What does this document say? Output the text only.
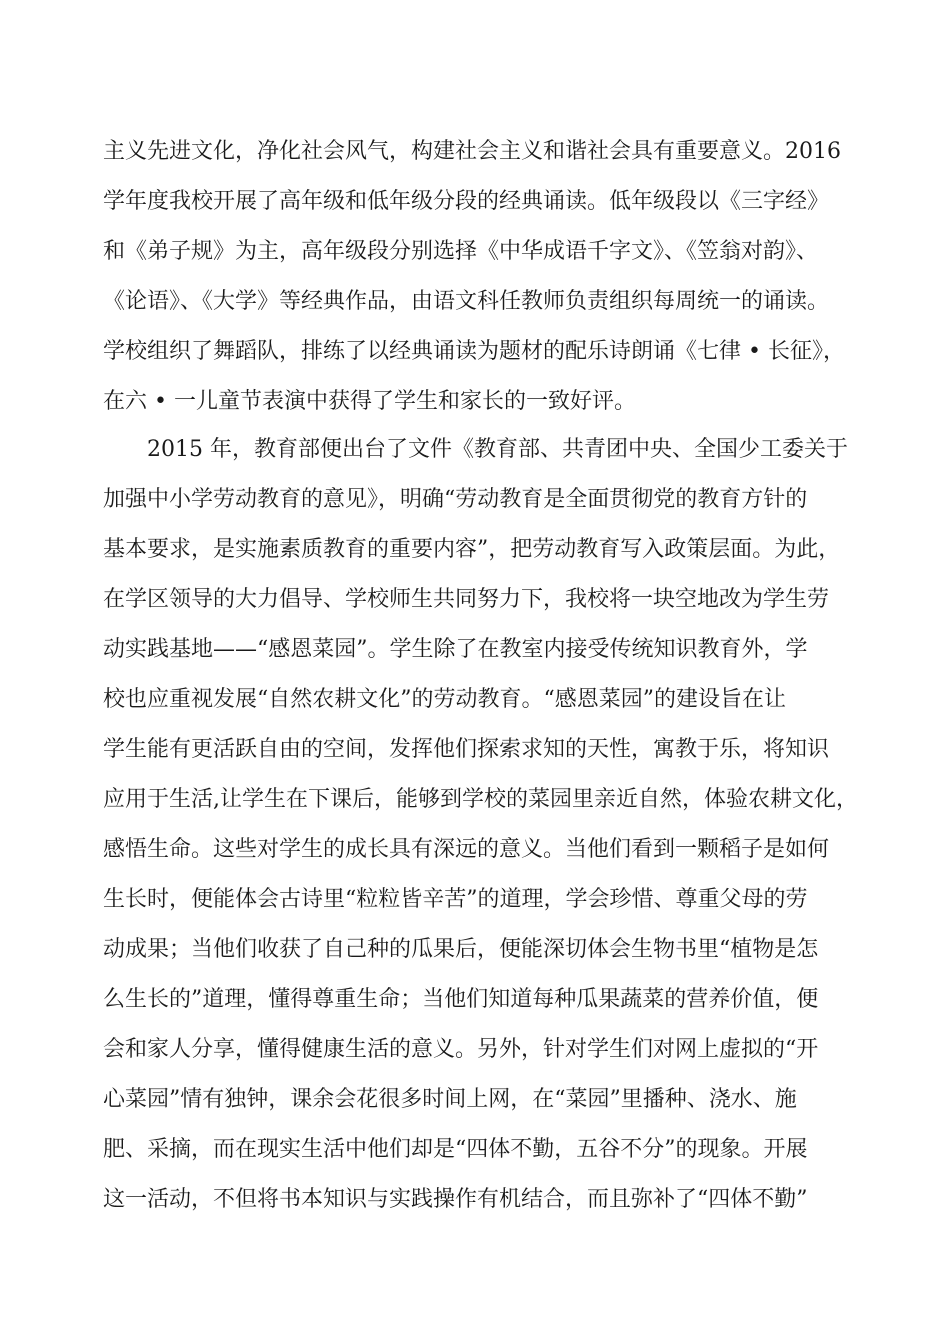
主义先进文化，净化社会风气，构建社会主义和谐社会具有重要意义。2016
学年度我校开展了高年级和低年级分段的经典诵读。低年级段以《三字经》
和《弟子规》为主，高年级段分别选择《中华成语千字文》、《笠翁对韵》、
《论语》、《大学》等经典作品，由语文科任教师负责组织每周统一的诵读。
学校组织了舞蹈队，排练了以经典诵读为题材的配乐诗朗诵《七律 • 长征》，
在六 • 一儿童节表演中获得了学生和家长的一致好评。
2015 年，教育部便出台了文件《教育部、共青团中央、全国少工委关于
加强中小学劳动教育的意见》，明确“劳动教育是全面贯彻党的教育方针的
基本要求，是实施素质教育的重要内容”，把劳动教育写入政策层面。为此，
在学区领导的大力倡导、学校师生共同努力下，我校将一块空地改为学生劳
动实践基地——“感恩菜园”。学生除了在教室内接受传统知识教育外，学
校也应重视发展“自然农耕文化”的劳动教育。“感恩菜园”的建设旨在让
学生能有更活跃自由的空间，发挥他们探索求知的天性，寓教于乐，将知识
应用于生活,让学生在下课后，能够到学校的菜园里亲近自然，体验农耕文化，
感悟生命。这些对学生的成长具有深远的意义。当他们看到一颗稻子是如何
生长时，便能体会古诗里“粒粒皆辛苦”的道理，学会珍惜、尊重父母的劳
动成果；当他们收获了自己种的瓜果后，便能深切体会生物书里“植物是怎
么生长的”道理，懂得尊重生命；当他们知道每种瓜果蔬菜的营养价值，便
会和家人分享，懂得健康生活的意义。另外，针对学生们对网上虚拟的“开
心菜园”情有独钟，课余会花很多时间上网，在“菜园”里播种、浇水、施
肥、采摘，而在现实生活中他们却是“四体不勤，五谷不分”的现象。开展
这一活动，不但将书本知识与实践操作有机结合，而且弥补了“四体不勤”
